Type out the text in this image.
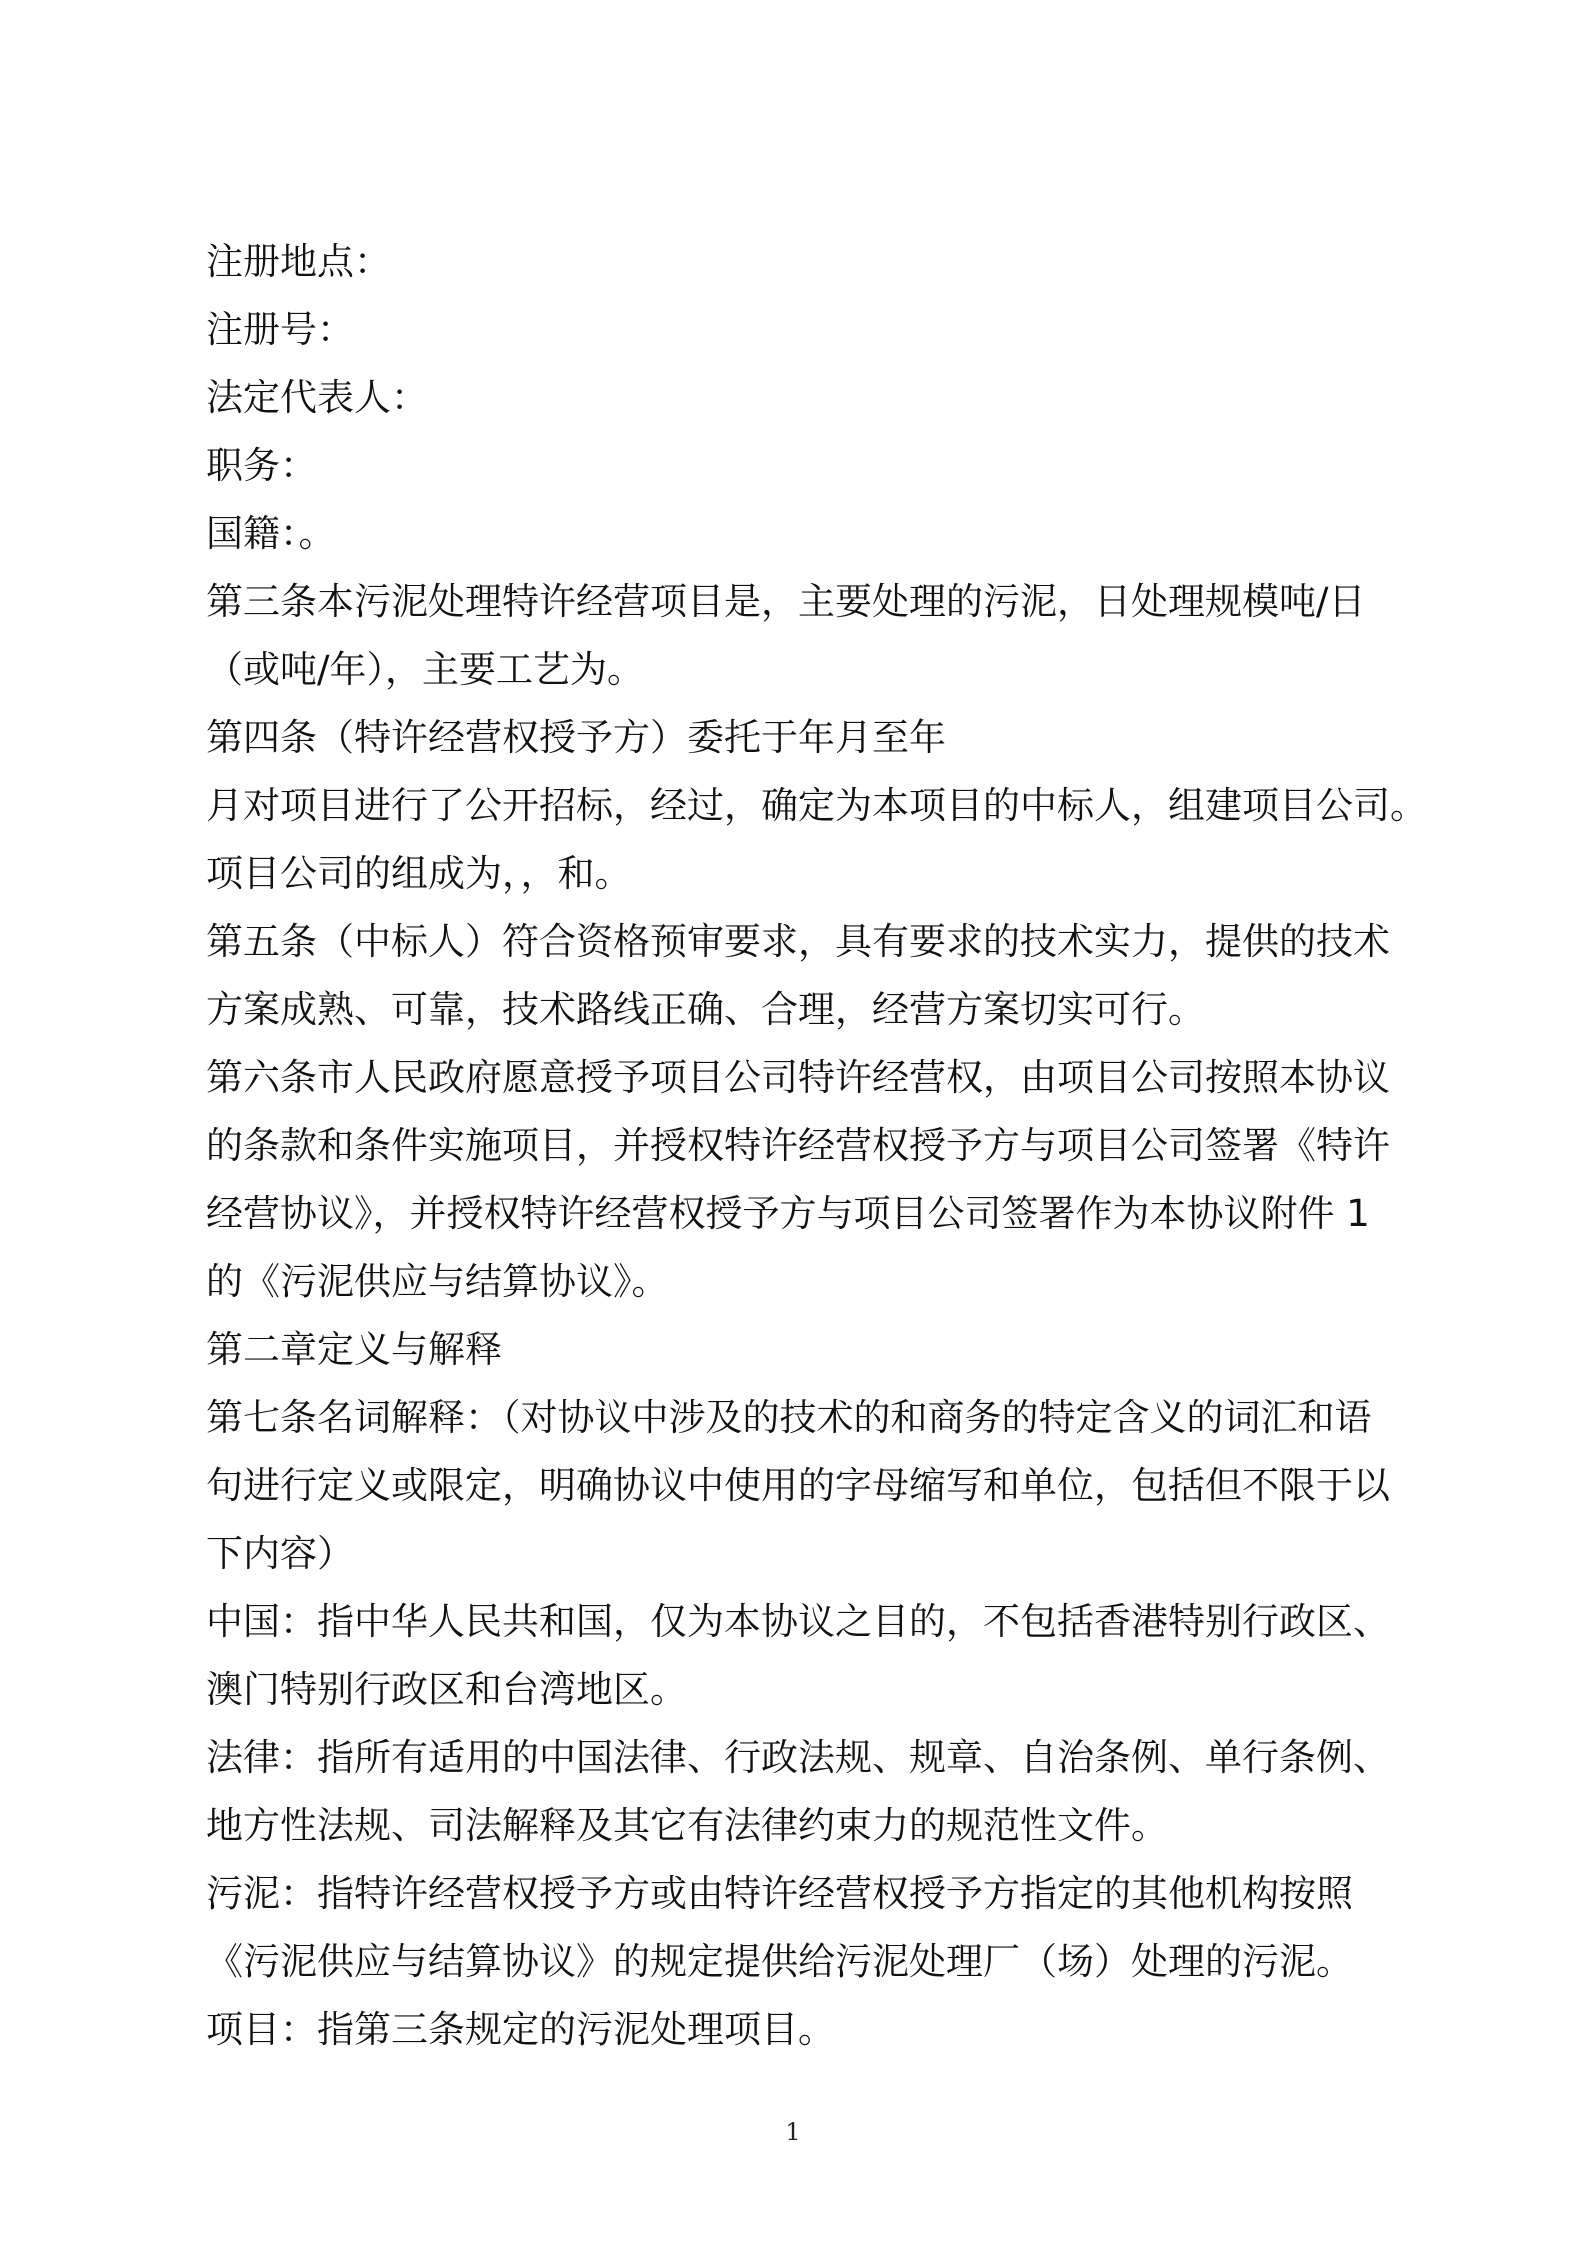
注册地点：
注册号：
法定代表人：
职务：
国籍：。
第三条本污泥处理特许经营项目是，主要处理的污泥，日处理规模吨/日
（或吨/年），主要工艺为。
第四条（特许经营权授予方）委托于年月至年
月对项目进行了公开招标，经过，确定为本项目的中标人，组建项目公司。
项目公司的组成为，，和。
第五条（中标人）符合资格预审要求，具有要求的技术实力，提供的技术
方案成熟、可靠，技术路线正确、合理，经营方案切实可行。
第六条市人民政府愿意授予项目公司特许经营权，由项目公司按照本协议
的条款和条件实施项目，并授权特许经营权授予方与项目公司签署《特许
经营协议》，并授权特许经营权授予方与项目公司签署作为本协议附件 1
的《污泥供应与结算协议》。
第二章定义与解释
第七条名词解释：（对协议中涉及的技术的和商务的特定含义的词汇和语
句进行定义或限定，明确协议中使用的字母缩写和单位，包括但不限于以
下内容）
中国：指中华人民共和国，仅为本协议之目的，不包括香港特别行政区、
澳门特别行政区和台湾地区。
法律：指所有适用的中国法律、行政法规、规章、自治条例、单行条例、
地方性法规、司法解释及其它有法律约束力的规范性文件。
污泥：指特许经营权授予方或由特许经营权授予方指定的其他机构按照
《污泥供应与结算协议》的规定提供给污泥处理厂（场）处理的污泥。
项目：指第三条规定的污泥处理项目。
1
